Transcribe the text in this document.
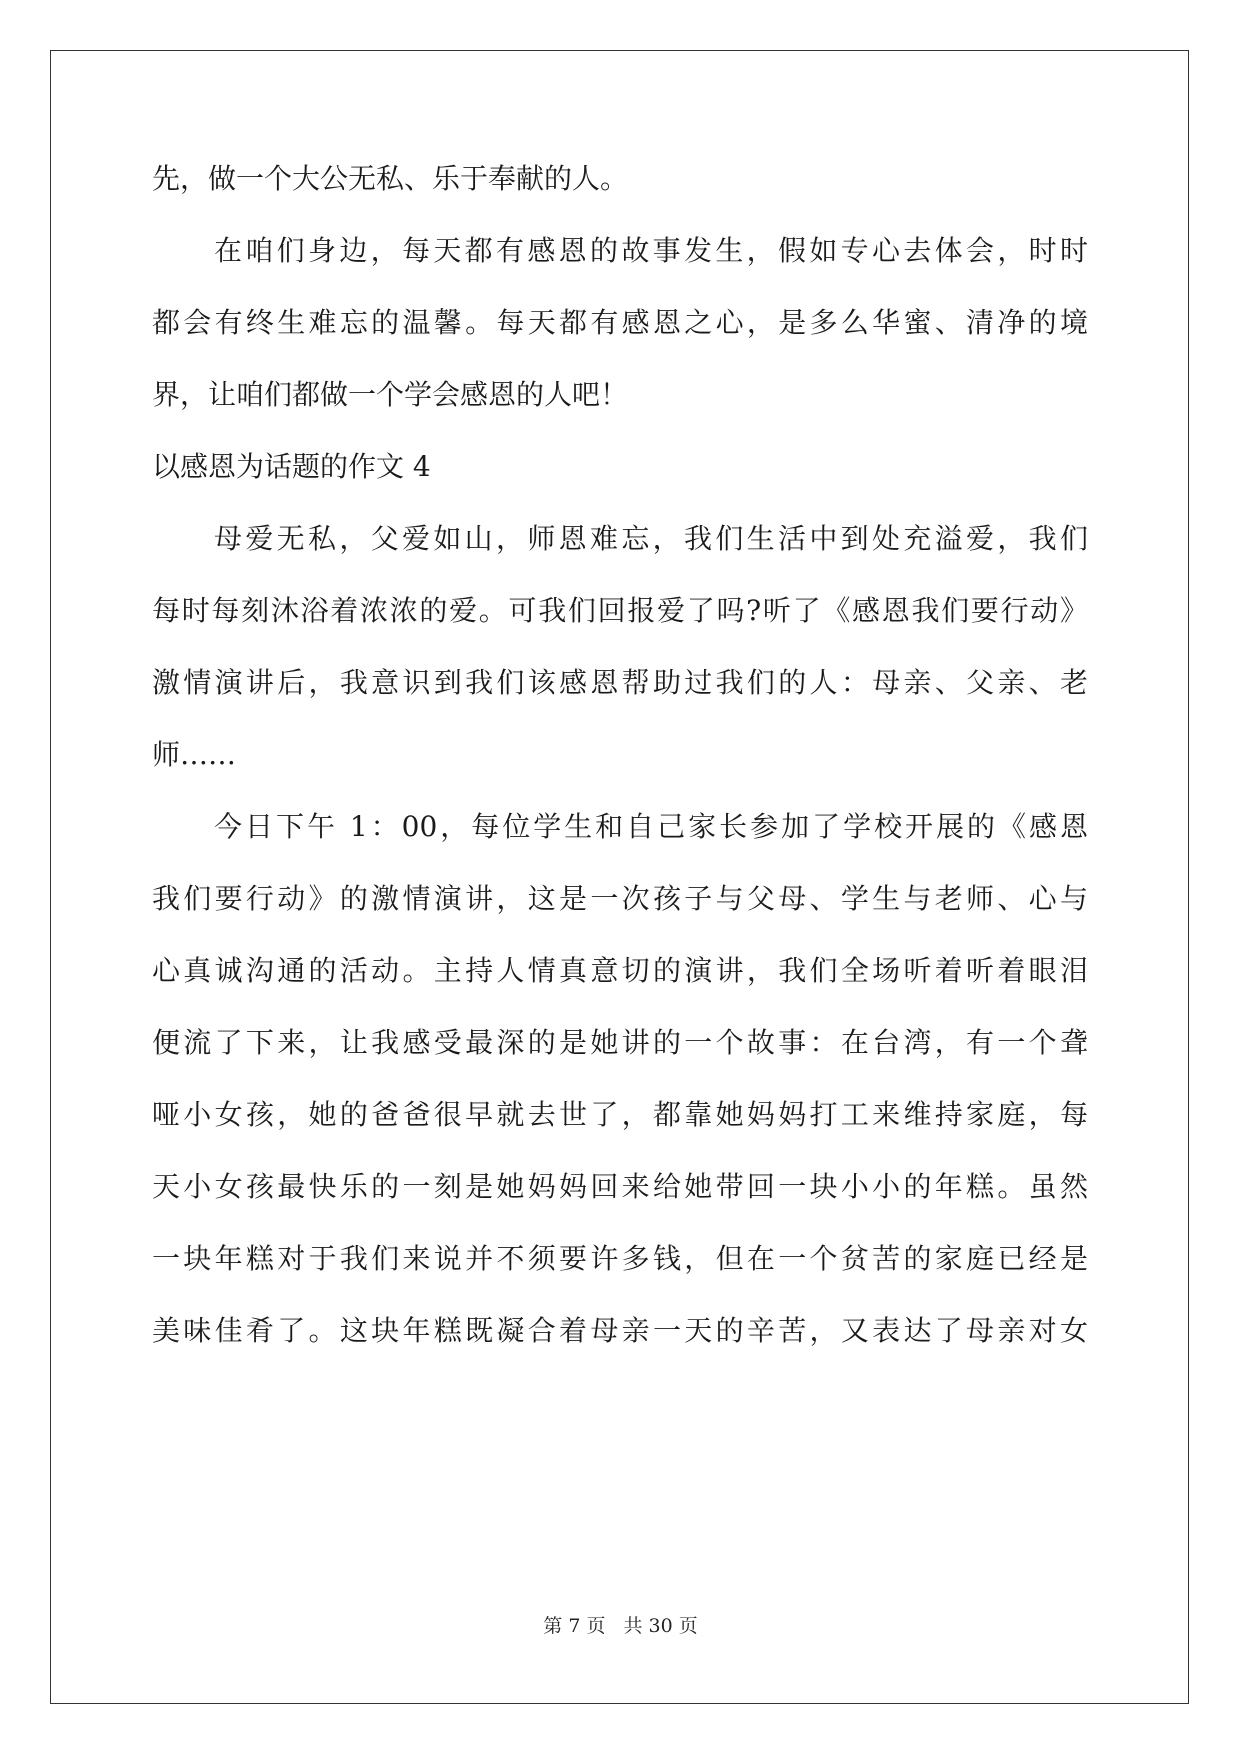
先，做一个大公无私、乐于奉献的人。
在咱们身边，每天都有感恩的故事发生，假如专心去体会，时时
都会有终生难忘的温馨。每天都有感恩之心，是多么华蜜、清净的境
界，让咱们都做一个学会感恩的人吧！
以感恩为话题的作文 4
母爱无私，父爱如山，师恩难忘，我们生活中到处充溢爱，我们
每时每刻沐浴着浓浓的爱。可我们回报爱了吗?听了《感恩我们要行动》
激情演讲后，我意识到我们该感恩帮助过我们的人：母亲、父亲、老
师……
今日下午 1：00，每位学生和自己家长参加了学校开展的《感恩
我们要行动》的激情演讲，这是一次孩子与父母、学生与老师、心与
心真诚沟通的活动。主持人情真意切的演讲，我们全场听着听着眼泪
便流了下来，让我感受最深的是她讲的一个故事：在台湾，有一个聋
哑小女孩，她的爸爸很早就去世了，都靠她妈妈打工来维持家庭，每
天小女孩最快乐的一刻是她妈妈回来给她带回一块小小的年糕。虽然
一块年糕对于我们来说并不须要许多钱，但在一个贫苦的家庭已经是
美味佳肴了。这块年糕既凝合着母亲一天的辛苦，又表达了母亲对女
第 7 页 共 30 页
